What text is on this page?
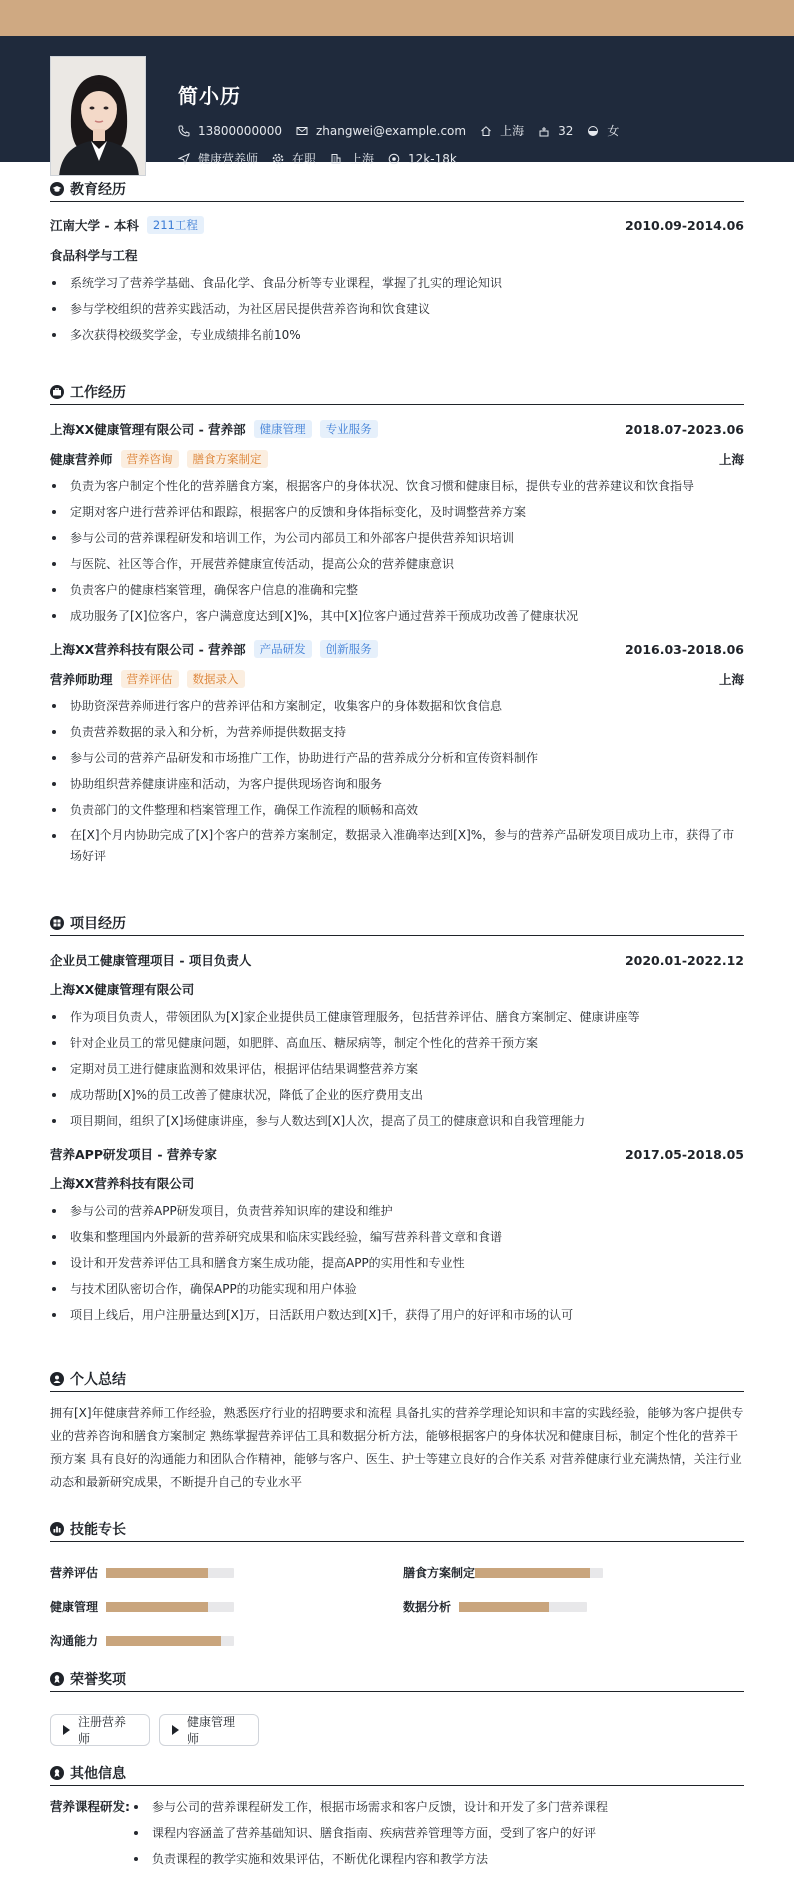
简小历
13800000000	zhangwei@example.com	上海	32	女
健康营养师	在职	上海	12k-18k
教育经历
江南大学 - 本科	211工程	2010.09-2014.06
食品科学与工程
系统学习了营养学基础、食品化学、食品分析等专业课程，掌握了扎实的理论知识
参与学校组织的营养实践活动，为社区居民提供营养咨询和饮食建议
多次获得校级奖学金，专业成绩排名前10%
工作经历
上海XX健康管理有限公司 - 营养部	健康管理	专业服务	2018.07-2023.06
健康营养师	营养咨询	膳食方案制定	上海
负责为客户制定个性化的营养膳食方案，根据客户的身体状况、饮食习惯和健康目标，提供专业的营养建议和饮食指导
定期对客户进行营养评估和跟踪，根据客户的反馈和身体指标变化，及时调整营养方案
参与公司的营养课程研发和培训工作，为公司内部员工和外部客户提供营养知识培训
与医院、社区等合作，开展营养健康宣传活动，提高公众的营养健康意识
负责客户的健康档案管理，确保客户信息的准确和完整
成功服务了[X]位客户，客户满意度达到[X]%，其中[X]位客户通过营养干预成功改善了健康状况
上海XX营养科技有限公司 - 营养部	产品研发	创新服务	2016.03-2018.06
营养师助理	营养评估	数据录入	上海
协助资深营养师进行客户的营养评估和方案制定，收集客户的身体数据和饮食信息
负责营养数据的录入和分析，为营养师提供数据支持
参与公司的营养产品研发和市场推广工作，协助进行产品的营养成分分析和宣传资料制作
协助组织营养健康讲座和活动，为客户提供现场咨询和服务
负责部门的文件整理和档案管理工作，确保工作流程的顺畅和高效
在[X]个月内协助完成了[X]个客户的营养方案制定，数据录入准确率达到[X]%，参与的营养产品研发项目成功上市，获得了市场好评
项目经历
企业员工健康管理项目 - 项目负责人	2020.01-2022.12
上海XX健康管理有限公司
作为项目负责人，带领团队为[X]家企业提供员工健康管理服务，包括营养评估、膳食方案制定、健康讲座等
针对企业员工的常见健康问题，如肥胖、高血压、糖尿病等，制定个性化的营养干预方案
定期对员工进行健康监测和效果评估，根据评估结果调整营养方案
成功帮助[X]%的员工改善了健康状况，降低了企业的医疗费用支出
项目期间，组织了[X]场健康讲座，参与人数达到[X]人次，提高了员工的健康意识和自我管理能力
营养APP研发项目 - 营养专家	2017.05-2018.05
上海XX营养科技有限公司
参与公司的营养APP研发项目，负责营养知识库的建设和维护
收集和整理国内外最新的营养研究成果和临床实践经验，编写营养科普文章和食谱
设计和开发营养评估工具和膳食方案生成功能，提高APP的实用性和专业性
与技术团队密切合作，确保APP的功能实现和用户体验
项目上线后，用户注册量达到[X]万，日活跃用户数达到[X]千，获得了用户的好评和市场的认可
个人总结
拥有[X]年健康营养师工作经验，熟悉医疗行业的招聘要求和流程 具备扎实的营养学理论知识和丰富的实践经验，能够为客户提供专业的营养咨询和膳食方案制定 熟练掌握营养评估工具和数据分析方法，能够根据客户的身体状况和健康目标，制定个性化的营养干预方案 具有良好的沟通能力和团队合作精神，能够与客户、医生、护士等建立良好的合作关系 对营养健康行业充满热情，关注行业动态和最新研究成果，不断提升自己的专业水平
技能专长
营养评估	膳食方案制定
健康管理	数据分析
沟通能力
荣誉奖项
注册营养师
健康管理师
其他信息
营养课程研发:	参与公司的营养课程研发工作，根据市场需求和客户反馈，设计和开发了多门营养课程
课程内容涵盖了营养基础知识、膳食指南、疾病营养管理等方面，受到了客户的好评
负责课程的教学实施和效果评估，不断优化课程内容和教学方法
